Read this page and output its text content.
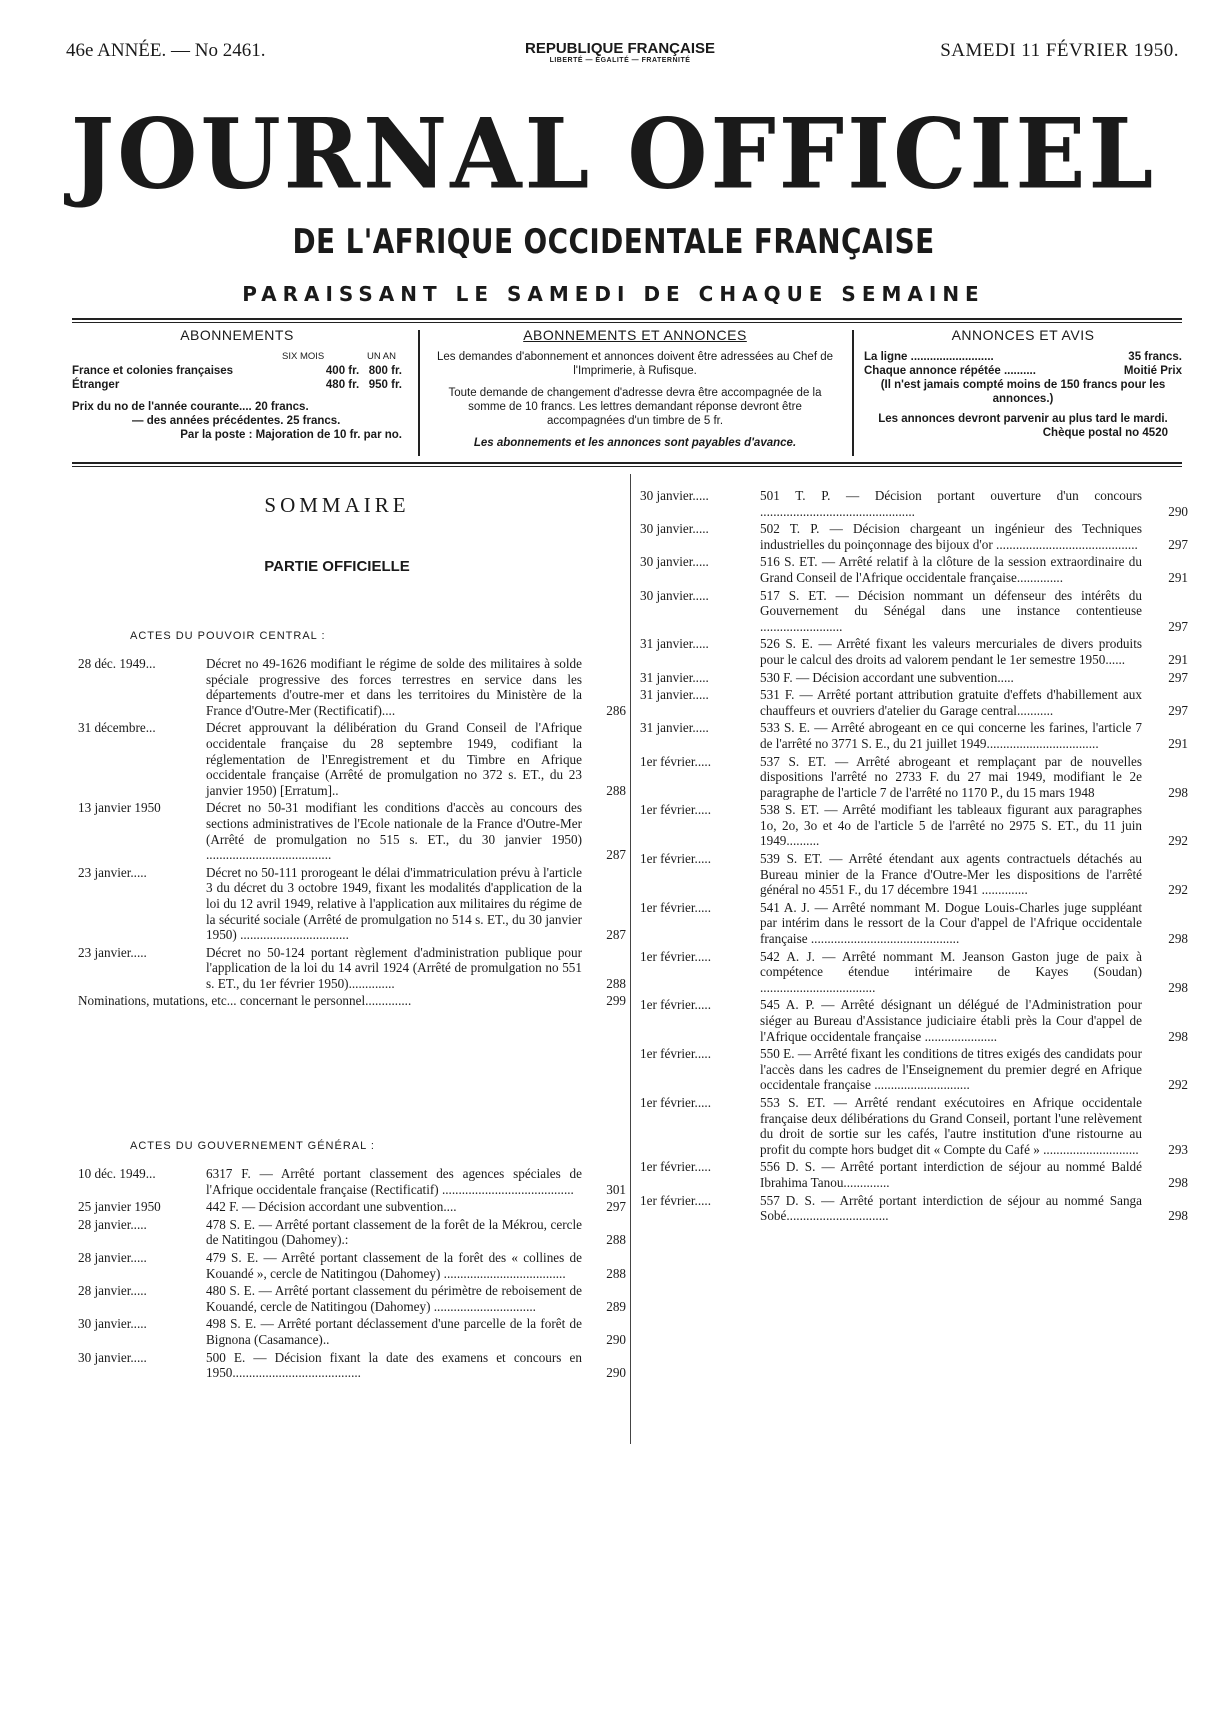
46e ANNÉE. — No 2461.	REPUBLIQUE FRANÇAISE
LIBERTÉ — ÉGALITÉ — FRATERNITÉ	SAMEDI 11 FÉVRIER 1950.
JOURNAL OFFICIEL
DE L'AFRIQUE OCCIDENTALE FRANÇAISE
PARAISSANT LE SAMEDI DE CHAQUE SEMAINE
ABONNEMENTS
SIX MOIS	UN AN
France et colonies françaises	400 fr. 800 fr.
Étranger	480 fr. 950 fr.
Prix du no de l'année courante.... 20 francs.
— des années précédentes. 25 francs.
Par la poste : Majoration de 10 fr. par no.
ABONNEMENTS ET ANNONCES
Les demandes d'abonnement et annonces doivent être adressées au Chef de l'Imprimerie, à Rufisque.
Toute demande de changement d'adresse devra être accompagnée de la somme de 10 francs. Les lettres demandant réponse devront être accompagnées d'un timbre de 5 fr.
Les abonnements et les annonces sont payables d'avance.
ANNONCES ET AVIS
La ligne ..........................	35 francs.
Chaque annonce répétée ..........	Moitié Prix
(Il n'est jamais compté moins de 150 francs pour les annonces.)
Les annonces devront parvenir au plus tard le mardi.
Chèque postal no 4520
SOMMAIRE
PARTIE OFFICIELLE
ACTES DU POUVOIR CENTRAL :
28 déc. 1949...	Décret no 49-1626 modifiant le régime de solde des militaires à solde spéciale progressive des forces terrestres en service dans les départements d'outre-mer et dans les territoires du Ministère de la France d'Outre-Mer (Rectificatif)....	286
31 décembre...	Décret approuvant la délibération du Grand Conseil de l'Afrique occidentale française du 28 septembre 1949, codifiant la réglementation de l'Enregistrement et du Timbre en Afrique occidentale française (Arrêté de promulgation no 372 s. ET., du 23 janvier 1950) [Erratum]..	288
13 janvier 1950	Décret no 50-31 modifiant les conditions d'accès au concours des sections administratives de l'Ecole nationale de la France d'Outre-Mer (Arrêté de promulgation no 515 s. ET., du 30 janvier 1950) ......................................	287
23 janvier.....	Décret no 50-111 prorogeant le délai d'immatriculation prévu à l'article 3 du décret du 3 octobre 1949, fixant les modalités d'application de la loi du 12 avril 1949, relative à l'application aux militaires du régime de la sécurité sociale (Arrêté de promulgation no 514 s. ET., du 30 janvier 1950) .................................	287
23 janvier.....	Décret no 50-124 portant règlement d'administration publique pour l'application de la loi du 14 avril 1924 (Arrêté de promulgation no 551 s. ET., du 1er février 1950)..............	288
Nominations, mutations, etc... concernant le personnel..............	299
ACTES DU GOUVERNEMENT GÉNÉRAL :
10 déc. 1949...	6317 F. — Arrêté portant classement des agences spéciales de l'Afrique occidentale française (Rectificatif) ........................................	301
25 janvier 1950	442 F. — Décision accordant une subvention....	297
28 janvier.....	478 S. E. — Arrêté portant classement de la forêt de la Mékrou, cercle de Natitingou (Dahomey).:	288
28 janvier.....	479 S. E. — Arrêté portant classement de la forêt des « collines de Kouandé », cercle de Natitingou (Dahomey) .....................................	288
28 janvier.....	480 S. E. — Arrêté portant classement du périmètre de reboisement de Kouandé, cercle de Natitingou (Dahomey) ...............................	289
30 janvier.....	498 S. E. — Arrêté portant déclassement d'une parcelle de la forêt de Bignona (Casamance)..	290
30 janvier.....	500 E. — Décision fixant la date des examens et concours en 1950.......................................	290
30 janvier.....	501 T. P. — Décision portant ouverture d'un concours ...............................................	290
30 janvier.....	502 T. P. — Décision chargeant un ingénieur des Techniques industrielles du poinçonnage des bijoux d'or ...........................................	297
30 janvier.....	516 S. ET. — Arrêté relatif à la clôture de la session extraordinaire du Grand Conseil de l'Afrique occidentale française..............	291
30 janvier.....	517 S. ET. — Décision nommant un défenseur des intérêts du Gouvernement du Sénégal dans une instance contentieuse .........................	297
31 janvier.....	526 S. E. — Arrêté fixant les valeurs mercuriales de divers produits pour le calcul des droits ad valorem pendant le 1er semestre 1950......	291
31 janvier.....	530 F. — Décision accordant une subvention.....	297
31 janvier.....	531 F. — Arrêté portant attribution gratuite d'effets d'habillement aux chauffeurs et ouvriers d'atelier du Garage central...........	297
31 janvier.....	533 S. E. — Arrêté abrogeant en ce qui concerne les farines, l'article 7 de l'arrêté no 3771 S. E., du 21 juillet 1949..................................	291
1er février.....	537 S. ET. — Arrêté abrogeant et remplaçant par de nouvelles dispositions l'arrêté no 2733 F. du 27 mai 1949, modifiant le 2e paragraphe de l'article 7 de l'arrêté no 1170 P., du 15 mars 1948	298
1er février.....	538 S. ET. — Arrêté modifiant les tableaux figurant aux paragraphes 1o, 2o, 3o et 4o de l'article 5 de l'arrêté no 2975 S. ET., du 11 juin 1949..........	292
1er février.....	539 S. ET. — Arrêté étendant aux agents contractuels détachés au Bureau minier de la France d'Outre-Mer les dispositions de l'arrêté général no 4551 F., du 17 décembre 1941 ..............	292
1er février.....	541 A. J. — Arrêté nommant M. Dogue Louis-Charles juge suppléant par intérim dans le ressort de la Cour d'appel de l'Afrique occidentale française .............................................	298
1er février.....	542 A. J. — Arrêté nommant M. Jeanson Gaston juge de paix à compétence étendue intérimaire de Kayes (Soudan) ...................................	298
1er février.....	545 A. P. — Arrêté désignant un délégué de l'Administration pour siéger au Bureau d'Assistance judiciaire établi près la Cour d'appel de l'Afrique occidentale française ......................	298
1er février.....	550 E. — Arrêté fixant les conditions de titres exigés des candidats pour l'accès dans les cadres de l'Enseignement du premier degré en Afrique occidentale française .............................	292
1er février.....	553 S. ET. — Arrêté rendant exécutoires en Afrique occidentale française deux délibérations du Grand Conseil, portant l'une relèvement du droit de sortie sur les cafés, l'autre institution d'une ristourne au profit du compte hors budget dit « Compte du Café » .............................	293
1er février.....	556 D. S. — Arrêté portant interdiction de séjour au nommé Baldé Ibrahima Tanou..............	298
1er février.....	557 D. S. — Arrêté portant interdiction de séjour au nommé Sanga Sobé...............................	298
